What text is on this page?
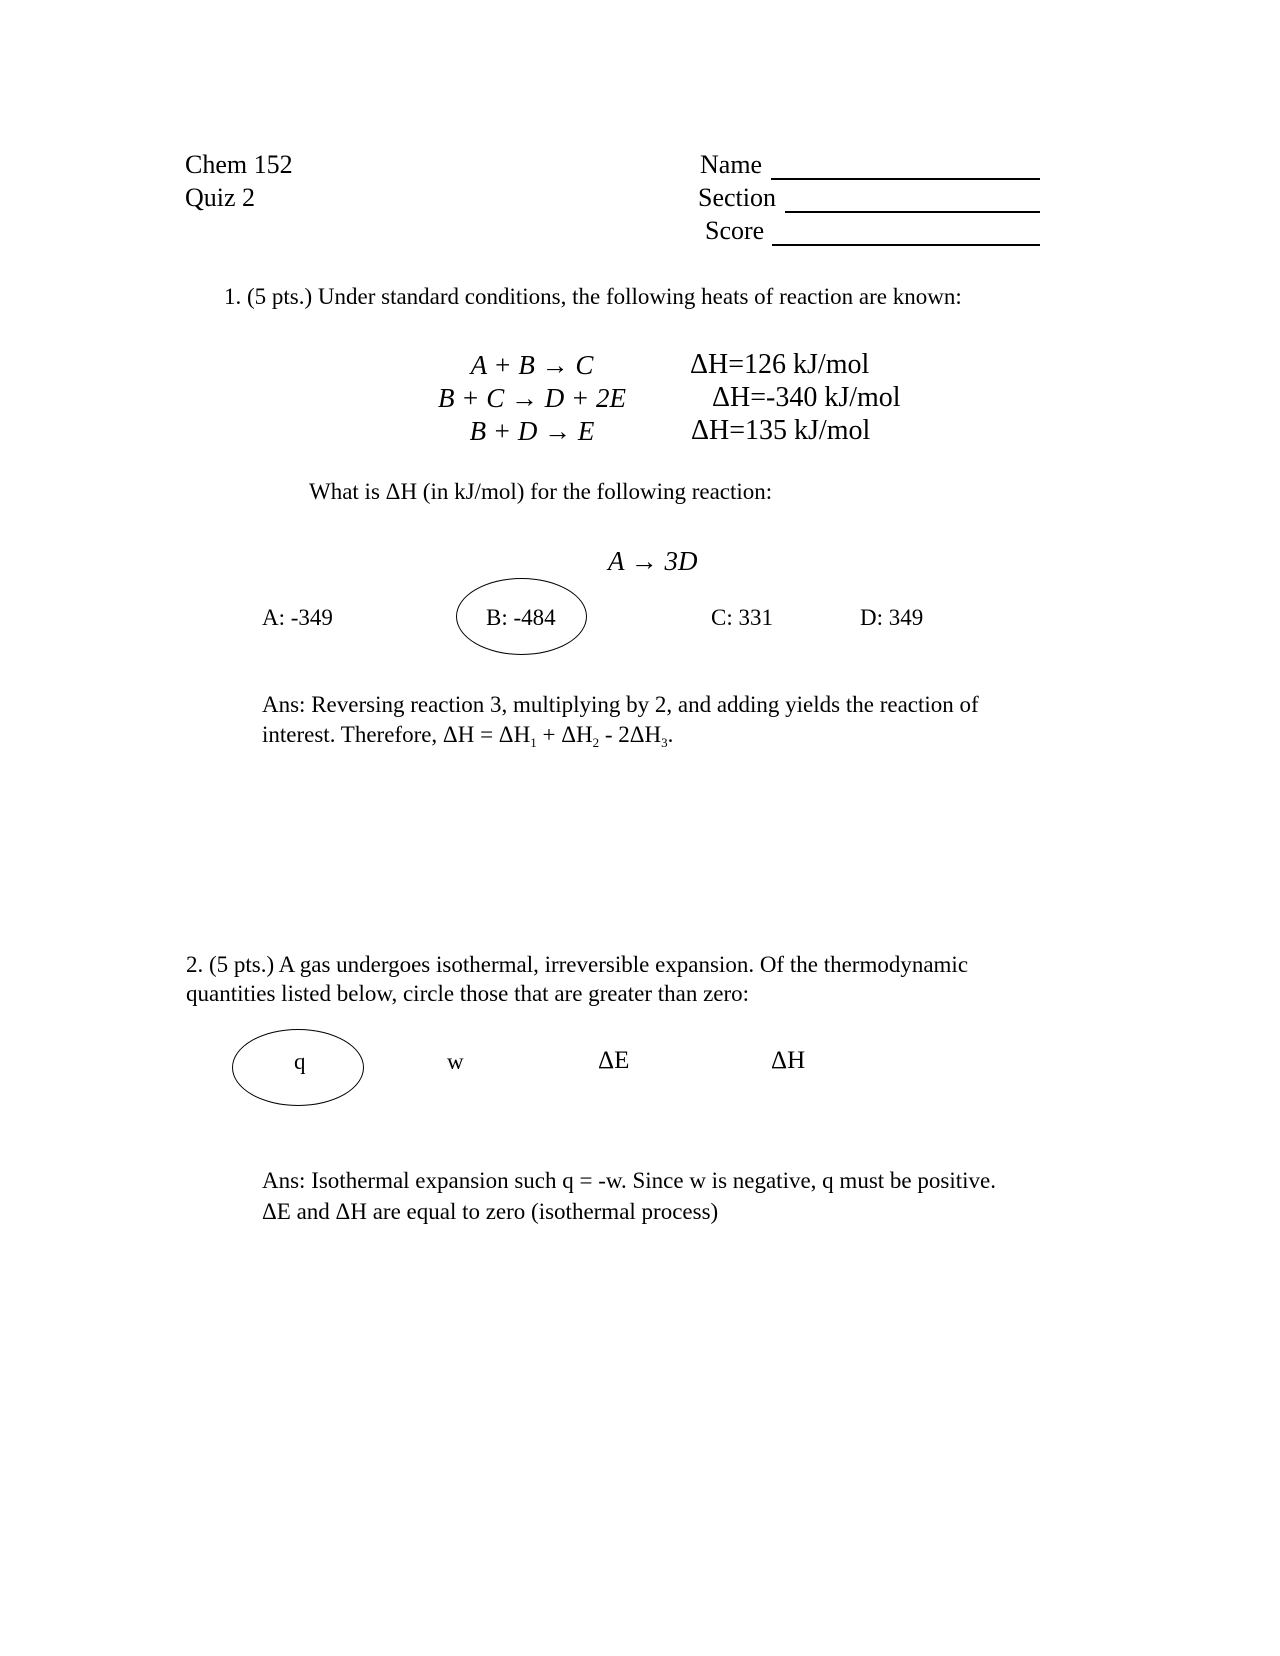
Chem 152
Quiz 2
Name
Section
Score
1. (5 pts.) Under standard conditions, the following heats of reaction are known:
A + B → C	ΔH=126 kJ/mol
B + C → D + 2E	ΔH=-340 kJ/mol
B + D → E	ΔH=135 kJ/mol
What is ΔH (in kJ/mol) for the following reaction:
A → 3D
A: -349	B: -484	C: 331	D: 349
Ans: Reversing reaction 3, multiplying by 2, and adding yields the reaction of
interest. Therefore, $\Delta H = \Delta H_1 + \Delta H_2 - 2\Delta H_3$.
2. (5 pts.) A gas undergoes isothermal, irreversible expansion. Of the thermodynamic
quantities listed below, circle those that are greater than zero:
q	w	ΔE	ΔH
Ans: Isothermal expansion such q = -w. Since w is negative, q must be positive.
ΔE and ΔH are equal to zero (isothermal process)
